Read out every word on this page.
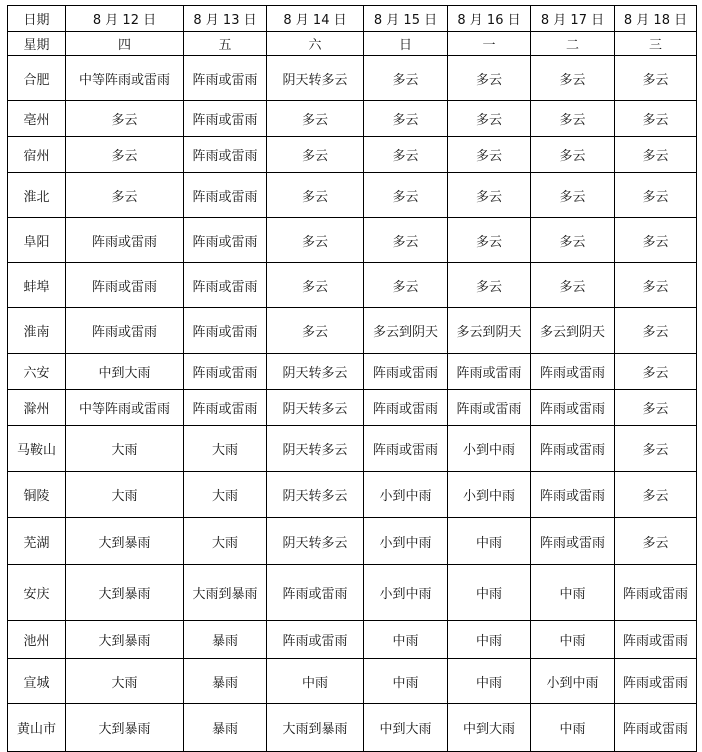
日期	8 月 12 日	8 月 13 日	8 月 14 日	8 月 15 日	8 月 16 日	8 月 17 日	8 月 18 日
星期	四	五	六	日	一	二	三
合肥	中等阵雨或雷雨	阵雨或雷雨	阴天转多云	多云	多云	多云	多云
亳州	多云	阵雨或雷雨	多云	多云	多云	多云	多云
宿州	多云	阵雨或雷雨	多云	多云	多云	多云	多云
淮北	多云	阵雨或雷雨	多云	多云	多云	多云	多云
阜阳	阵雨或雷雨	阵雨或雷雨	多云	多云	多云	多云	多云
蚌埠	阵雨或雷雨	阵雨或雷雨	多云	多云	多云	多云	多云
淮南	阵雨或雷雨	阵雨或雷雨	多云	多云到阴天	多云到阴天	多云到阴天	多云
六安	中到大雨	阵雨或雷雨	阴天转多云	阵雨或雷雨	阵雨或雷雨	阵雨或雷雨	多云
滁州	中等阵雨或雷雨	阵雨或雷雨	阴天转多云	阵雨或雷雨	阵雨或雷雨	阵雨或雷雨	多云
马鞍山	大雨	大雨	阴天转多云	阵雨或雷雨	小到中雨	阵雨或雷雨	多云
铜陵	大雨	大雨	阴天转多云	小到中雨	小到中雨	阵雨或雷雨	多云
芜湖	大到暴雨	大雨	阴天转多云	小到中雨	中雨	阵雨或雷雨	多云
安庆	大到暴雨	大雨到暴雨	阵雨或雷雨	小到中雨	中雨	中雨	阵雨或雷雨
池州	大到暴雨	暴雨	阵雨或雷雨	中雨	中雨	中雨	阵雨或雷雨
宣城	大雨	暴雨	中雨	中雨	中雨	小到中雨	阵雨或雷雨
黄山市	大到暴雨	暴雨	大雨到暴雨	中到大雨	中到大雨	中雨	阵雨或雷雨
